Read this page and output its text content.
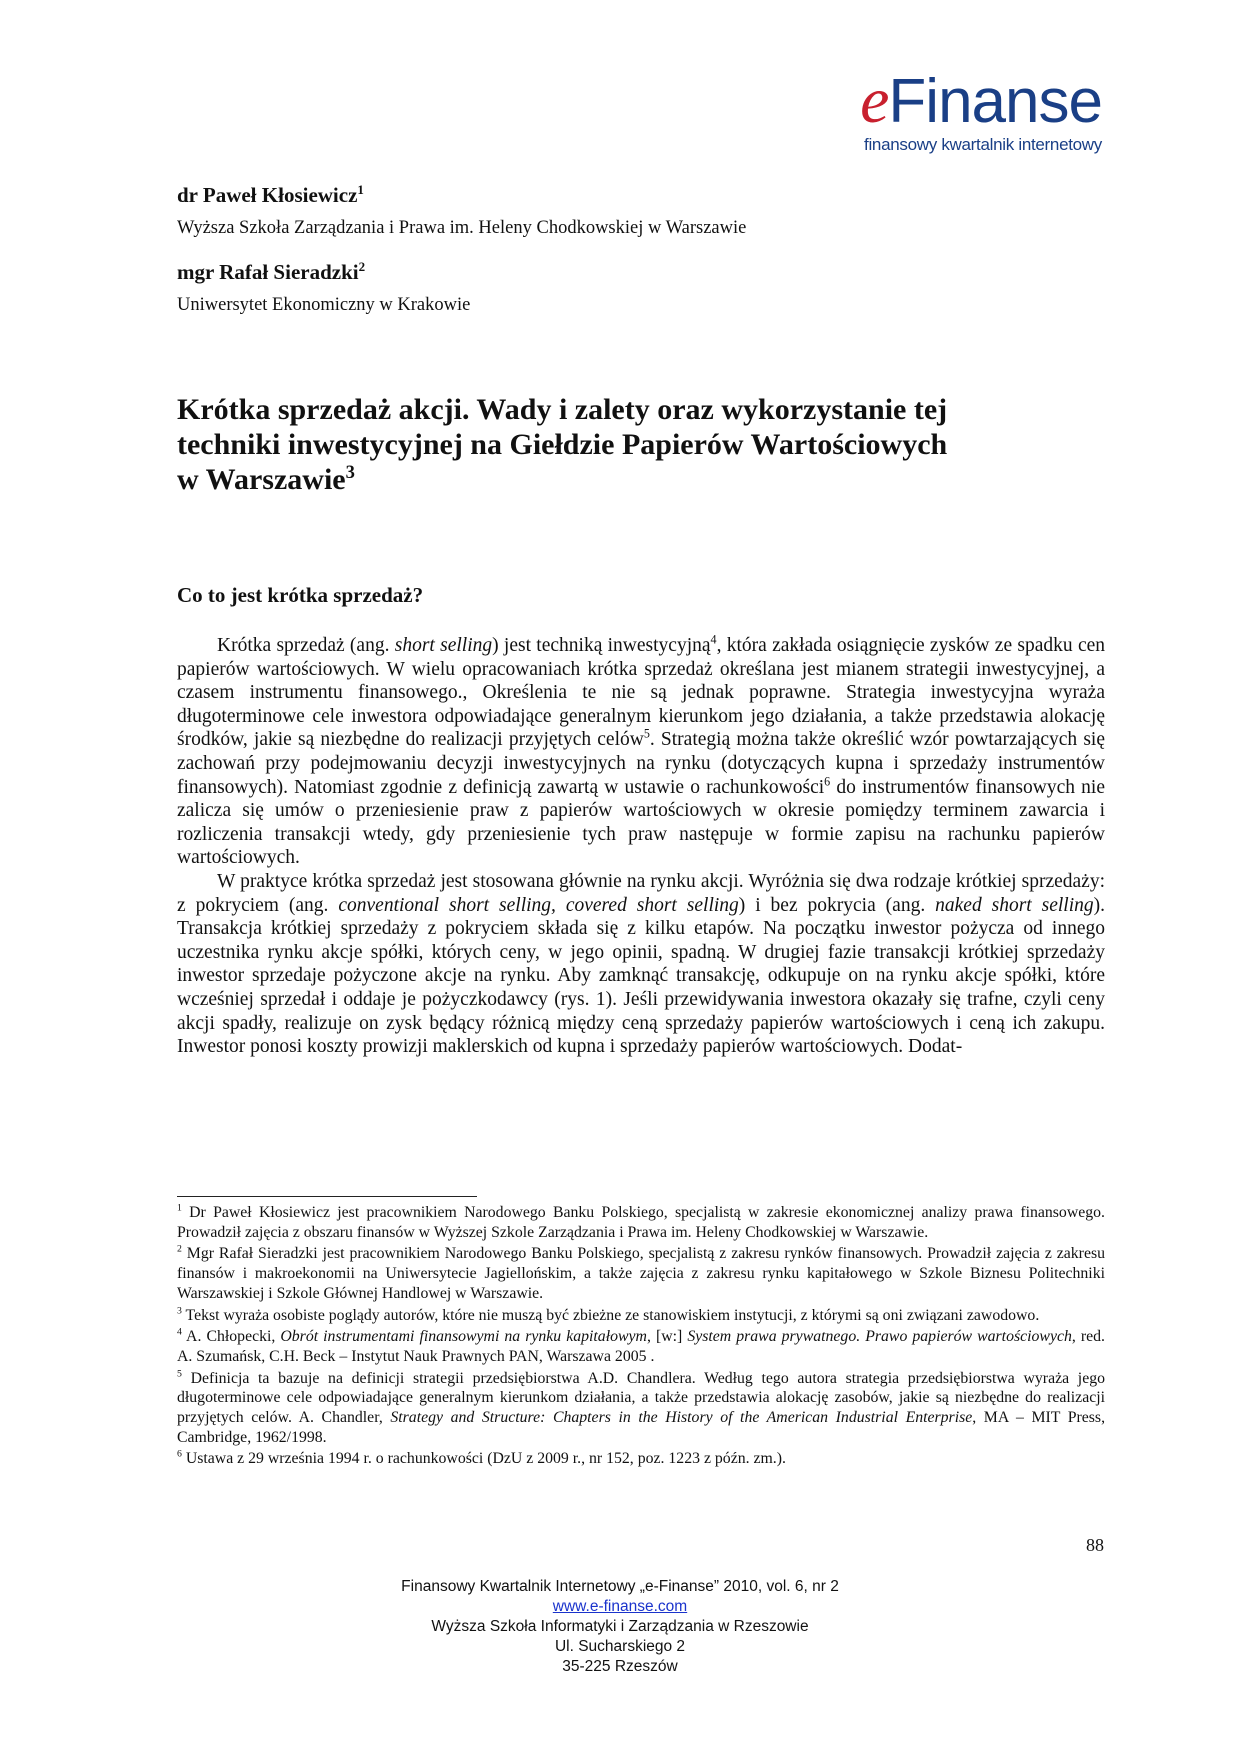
eFinanse
finansowy kwartalnik internetowy
dr Paweł Kłosiewicz$^1$
Wyższa Szkoła Zarządzania i Prawa im. Heleny Chodkowskiej w Warszawie
mgr Rafał Sieradzki$^2$
Uniwersytet Ekonomiczny w Krakowie
Krótka sprzedaż akcji. Wady i zalety oraz wykorzystanie tej
techniki inwestycyjnej na Giełdzie Papierów Wartościowych
w Warszawie$^3$
Co to jest krótka sprzedaż?

Krótka sprzedaż (ang. short selling) jest techniką inwestycyjną$^4$, która zakłada osiągnięcie zysków ze spadku cen papierów wartościowych. W wielu opracowaniach krótka sprzedaż określana jest mianem strategii inwestycyjnej, a czasem instrumentu finansowego., Określenia te nie są jednak poprawne. Strategia inwestycyjna wyraża długoterminowe cele inwestora odpowiadające generalnym kierunkom jego działania, a także przedstawia alokację środków, jakie są niezbędne do realizacji przyjętych celów$^5$. Strategią można także określić wzór powtarzających się zachowań przy podejmowaniu decyzji inwestycyjnych na rynku (dotyczących kupna i sprzedaży instrumentów finansowych). Natomiast zgodnie z definicją zawartą w ustawie o rachunkowości$^6$ do instrumentów finansowych nie zalicza się umów o przeniesienie praw z papierów wartościowych w okresie pomiędzy terminem zawarcia i rozliczenia transakcji wtedy, gdy przeniesienie tych praw następuje w formie zapisu na rachunku papierów wartościowych.

W praktyce krótka sprzedaż jest stosowana głównie na rynku akcji. Wyróżnia się dwa rodzaje krótkiej sprzedaży: z pokryciem (ang. conventional short selling, covered short selling) i bez pokrycia (ang. naked short selling). Transakcja krótkiej sprzedaży z pokryciem składa się z kilku etapów. Na początku inwestor pożycza od innego uczestnika rynku akcje spółki, których ceny, w jego opinii, spadną. W drugiej fazie transakcji krótkiej sprzedaży inwestor sprzedaje pożyczone akcje na rynku. Aby zamknąć transakcję, odkupuje on na rynku akcje spółki, które wcześniej sprzedał i oddaje je pożyczkodawcy (rys. 1). Jeśli przewidywania inwestora okazały się trafne, czyli ceny akcji spadły, realizuje on zysk będący różnicą między ceną sprzedaży papierów wartościowych i ceną ich zakupu. Inwestor ponosi koszty prowizji maklerskich od kupna i sprzedaży papierów wartościowych. Dodat-

$^1$ Dr Paweł Kłosiewicz jest pracownikiem Narodowego Banku Polskiego, specjalistą w zakresie ekonomicznej analizy prawa finansowego. Prowadził zajęcia z obszaru finansów w Wyższej Szkole Zarządzania i Prawa im. Heleny Chodkowskiej w Warszawie.

$^2$ Mgr Rafał Sieradzki jest pracownikiem Narodowego Banku Polskiego, specjalistą z zakresu rynków finansowych. Prowadził zajęcia z zakresu finansów i makroekonomii na Uniwersytecie Jagiellońskim, a także zajęcia z zakresu rynku kapitałowego w Szkole Biznesu Politechniki Warszawskiej i Szkole Głównej Handlowej w Warszawie.

$^3$ Tekst wyraża osobiste poglądy autorów, które nie muszą być zbieżne ze stanowiskiem instytucji, z którymi są oni związani zawodowo.

$^4$ A. Chłopecki, Obrót instrumentami finansowymi na rynku kapitałowym, [w:] System prawa prywatnego. Prawo papierów wartościowych, red. A. Szumańsk, C.H. Beck – Instytut Nauk Prawnych PAN, Warszawa 2005 .

$^5$ Definicja ta bazuje na definicji strategii przedsiębiorstwa A.D. Chandlera. Według tego autora strategia przedsiębiorstwa wyraża jego długoterminowe cele odpowiadające generalnym kierunkom działania, a także przedstawia alokację zasobów, jakie są niezbędne do realizacji przyjętych celów. A. Chandler, Strategy and Structure: Chapters in the History of the American Industrial Enterprise, MA – MIT Press, Cambridge, 1962/1998.

$^6$ Ustawa z 29 września 1994 r. o rachunkowości (DzU z 2009 r., nr 152, poz. 1223 z późn. zm.).

88
Finansowy Kwartalnik Internetowy „e-Finanse” 2010, vol. 6, nr 2
www.e-finanse.com
Wyższa Szkoła Informatyki i Zarządzania w Rzeszowie
Ul. Sucharskiego 2
35-225 Rzeszów
